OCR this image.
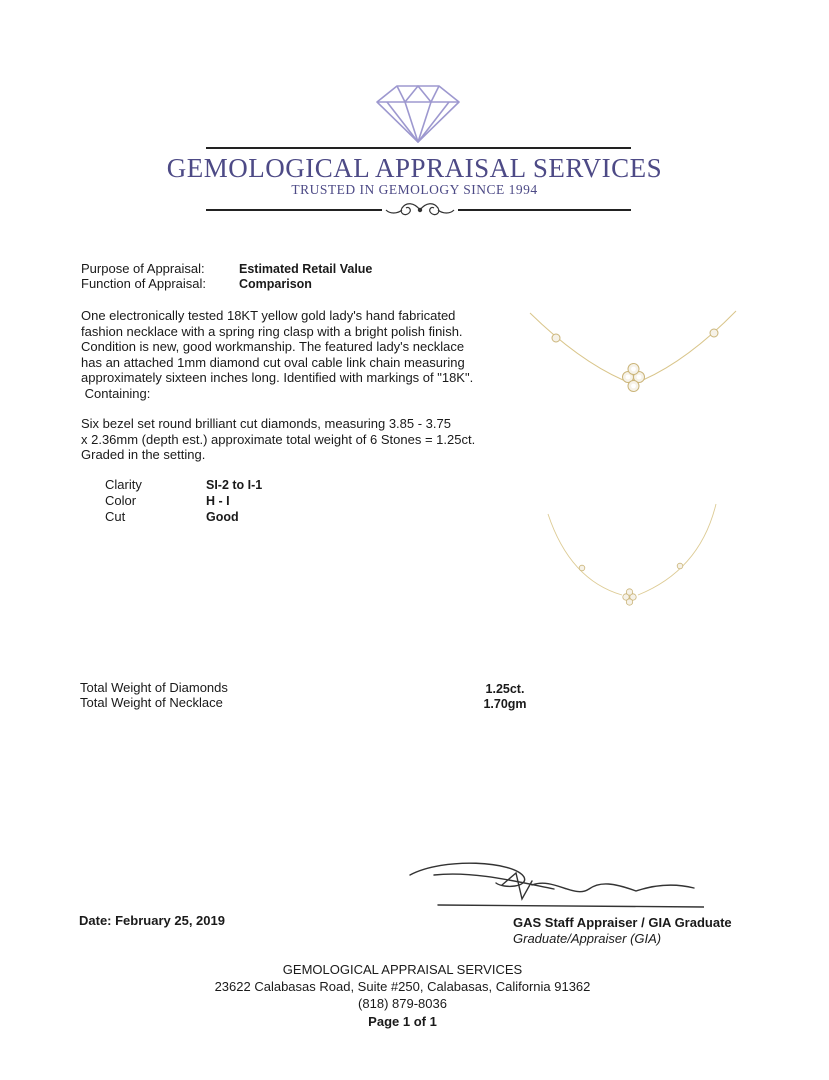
GEMOLOGICAL APPRAISAL SERVICES
TRUSTED IN GEMOLOGY SINCE 1994
Purpose of Appraisal:	Estimated Retail Value
Function of Appraisal:	Comparison
One electronically tested 18KT yellow gold lady's hand fabricated
fashion necklace with a spring ring clasp with a bright polish finish.
Condition is new, good workmanship. The featured lady's necklace
has an attached 1mm diamond cut oval cable link chain measuring
approximately sixteen inches long. Identified with markings of "18K".
Containing:
Six bezel set round brilliant cut diamonds, measuring 3.85 - 3.75
x 2.36mm (depth est.) approximate total weight of 6 Stones = 1.25ct.
Graded in the setting.
Clarity	SI-2 to I-1
Color	H - I
Cut	Good
Total Weight of Diamonds	1.25ct.
Total Weight of Necklace	1.70gm
Date: February 25, 2019	GAS Staff Appraiser / GIA Graduate
Graduate/Appraiser (GIA)
GEMOLOGICAL APPRAISAL SERVICES
23622 Calabasas Road, Suite #250, Calabasas, California 91362
(818) 879-8036
Page 1 of 1
